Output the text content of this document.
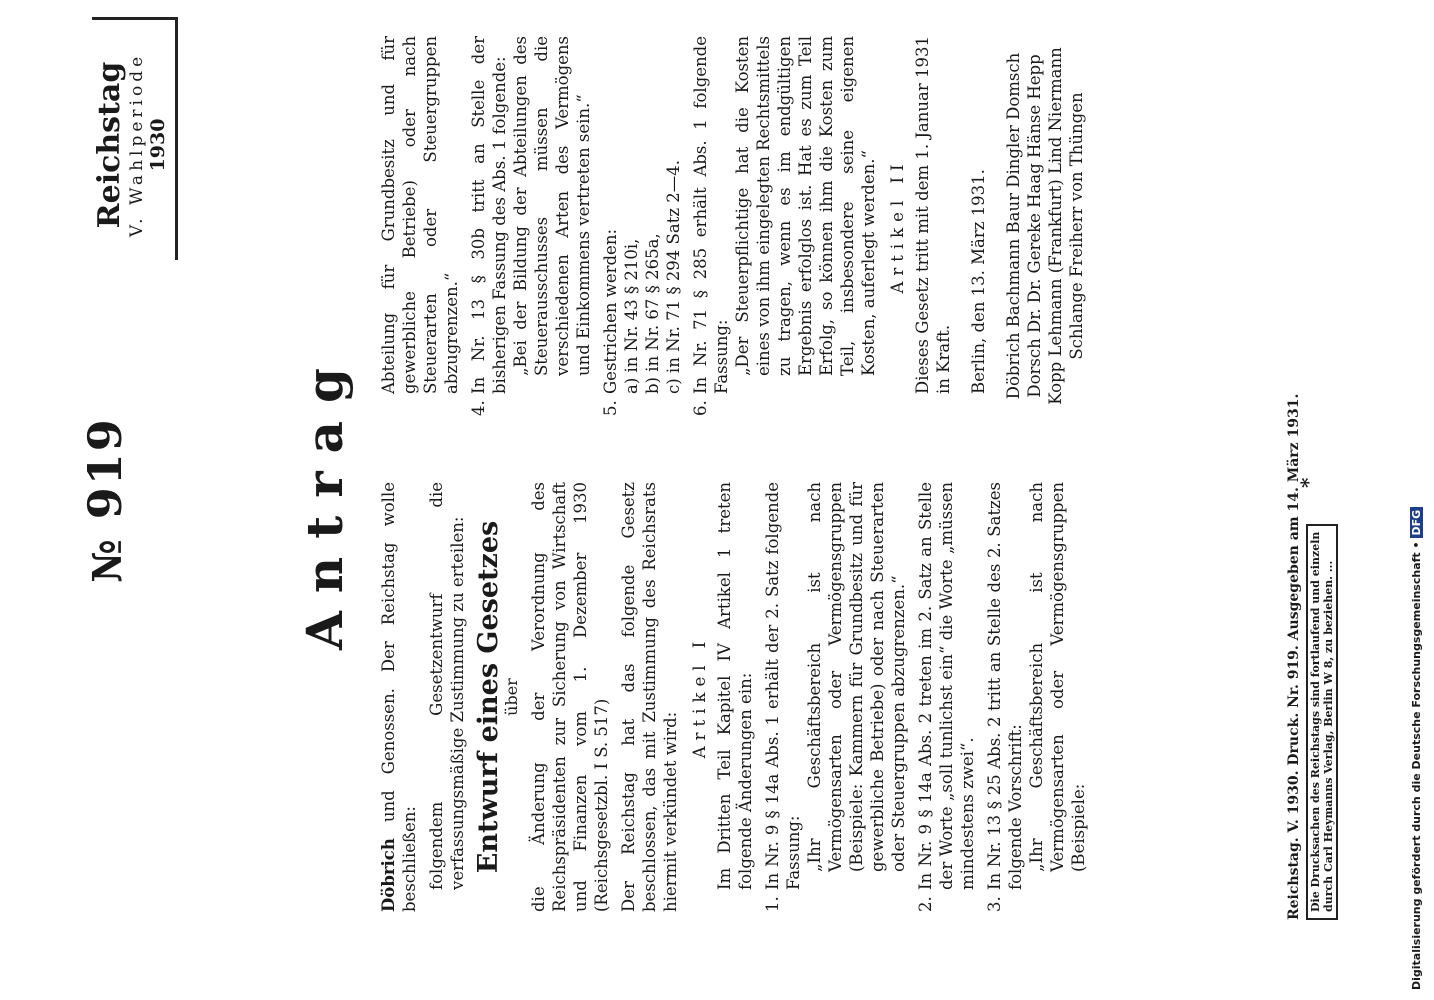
№ 919
Reichstag V. Wahlperiode 1930
Antrag

Döbrich und Genossen. Der Reichstag wolle beschließen: folgendem Gesetzentwurf die verfassungsmäßige Zustimmung zu erteilen: Entwurf eines Gesetzes
über die Änderung der Verordnung des Reichspräsidenten zur Sicherung von Wirtschaft und Finanzen vom 1. Dezember 1930 (Reichsgesetzbl. I S. 517) Der Reichstag hat das folgende Gesetz beschlossen, das mit Zustimmung des Reichsrats hiermit verkündet wird:

Artikel I Im Dritten Teil Kapitel IV Artikel 1 treten folgende Änderungen ein:

1.
In Nr. 9 § 14a Abs. 1 erhält der 2. Satz folgende Fassung: „Ihr Geschäftsbereich ist nach Vermögensarten oder Vermögensgruppen (Beispiele: Kammern für Grundbesitz und für gewerbliche Betriebe) oder nach Steuerarten oder Steuergruppen abzugrenzen.“

2.
In Nr. 9 § 14a Abs. 2 treten im 2. Satz an Stelle der Worte „soll tunlichst ein“ die Worte „müssen mindestens zwei“.
3.
In Nr. 13 § 25 Abs. 2 tritt an Stelle des 2. Satzes folgende Vorschrift: „Ihr Geschäftsbereich ist nach Vermögensarten oder Vermögensgruppen (Beispiele:

Abteilung für Grundbesitz und für gewerbliche Betriebe) oder nach Steuerarten oder Steuergruppen abzugrenzen.“

4.
In Nr. 13 § 30b tritt an Stelle der bisherigen Fassung des Abs. 1 folgende: „Bei der Bildung der Abteilungen des Steuerausschusses müssen die verschiedenen Arten des Vermögens und Einkommens vertreten sein.“

5.
Gestrichen werden: a) in Nr. 43 § 210i, b) in Nr. 67 § 265a, c) in Nr. 71 § 294 Satz 2—4.
6.
In Nr. 71 § 285 erhält Abs. 1 folgende Fassung: „Der Steuerpflichtige hat die Kosten eines von ihm eingelegten Rechtsmittels zu tragen, wenn es im endgültigen Ergebnis erfolglos ist. Hat es zum Teil Erfolg, so können ihm die Kosten zum Teil, insbesondere seine eigenen Kosten, auferlegt werden.“ Artikel II Dieses Gesetz tritt mit dem 1. Januar 1931 in Kraft. Berlin, den 13. März 1931. Döbrich Bachmann Baur Dingler Domsch Dorsch Dr. Dr. Gereke Haag Hänse Hepp Kopp Lehmann (Frankfurt) Lind Niermann Schlange Freiherr von Thüngen

Reichstag. V. 1930. Druck. Nr. 919. Ausgegeben am 14. März 1931. Die Drucksachen des Reichstags sind fortlaufend und einzeln durch Carl Heymanns Verlag, Berlin W 8, zu beziehen. ...
*
Digitalisierung gefördert durch die Deutsche Forschungsgemeinschaft •DFG
